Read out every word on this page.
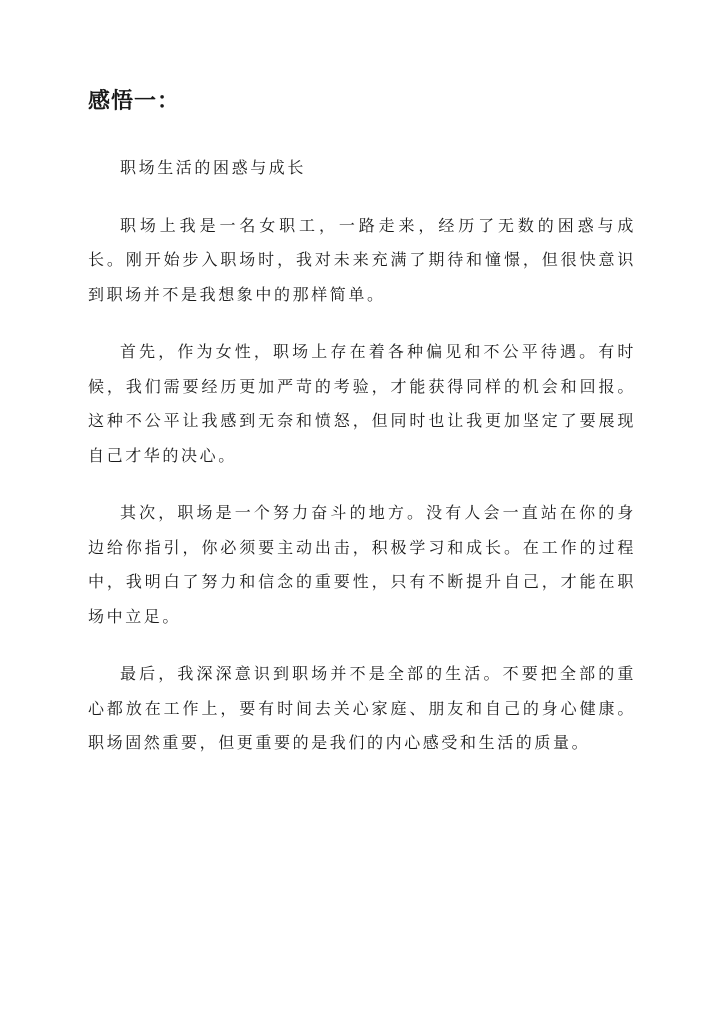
感悟一：

职场生活的困惑与成长

职场上我是一名女职工，一路走来，经历了无数的困惑与成长。刚开始步入职场时，我对未来充满了期待和憧憬，但很快意识到职场并不是我想象中的那样简单。

首先，作为女性，职场上存在着各种偏见和不公平待遇。有时候，我们需要经历更加严苛的考验，才能获得同样的机会和回报。这种不公平让我感到无奈和愤怒，但同时也让我更加坚定了要展现自己才华的决心。

其次，职场是一个努力奋斗的地方。没有人会一直站在你的身边给你指引，你必须要主动出击，积极学习和成长。在工作的过程中，我明白了努力和信念的重要性，只有不断提升自己，才能在职场中立足。

最后，我深深意识到职场并不是全部的生活。不要把全部的重心都放在工作上，要有时间去关心家庭、朋友和自己的身心健康。职场固然重要，但更重要的是我们的内心感受和生活的质量。
